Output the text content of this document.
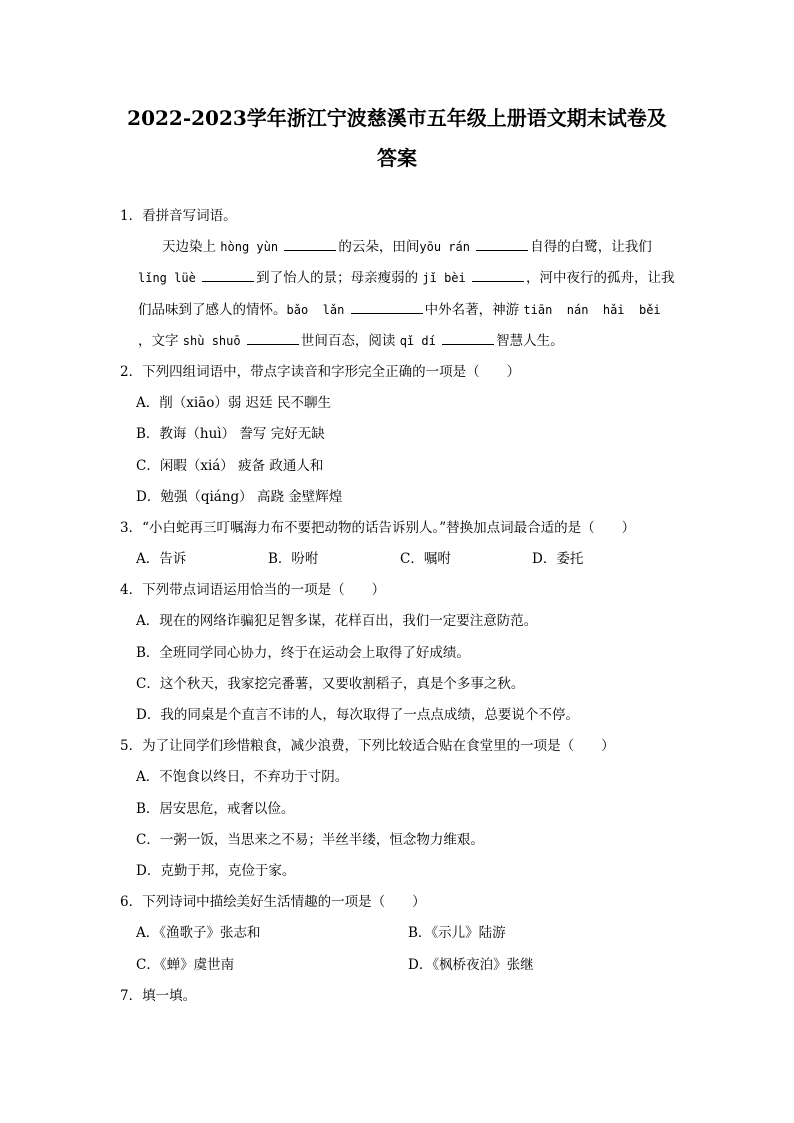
2022-2023学年浙江宁波慈溪市五年级上册语文期末试卷及
答案
1．看拼音写词语。
天边染上 hòng yùn	的云朵，田间yōu rán	自得的白鹭，让我们
lǐng lüè	到了怡人的景；母亲瘦弱的 jǐ bèi	，河中夜行的孤舟，让我
们品味到了感人的情怀。bǎo  lǎn	中外名著，神游 tiān  nán  hǎi  běi
，文字 shù shuō	世间百态，阅读 qǐ dí	智慧人生。
2．下列四组词语中，带点字读音和字形完全正确的一项是（　　）
A．削（xiāo）弱 迟廷 民不聊生
B．教诲（huì） 誊写 完好无缺
C．闲暇（xiá） 疲备 政通人和
D．勉强（qiáng） 高跷 金壁辉煌
3．“小白蛇再三叮嘱海力布不要把动物的话告诉别人。”替换加点词最合适的是（　　）
A．告诉	B．吩咐	C．嘱咐	D．委托
4．下列带点词语运用恰当的一项是（　　）
A．现在的网络诈骗犯足智多谋，花样百出，我们一定要注意防范。
B．全班同学同心协力，终于在运动会上取得了好成绩。
C．这个秋天，我家挖完番薯，又要收割稻子，真是个多事之秋。
D．我的同桌是个直言不讳的人，每次取得了一点点成绩，总要说个不停。
5．为了让同学们珍惜粮食，减少浪费，下列比较适合贴在食堂里的一项是（　　）
A．不饱食以终日，不弃功于寸阴。
B．居安思危，戒奢以俭。
C．一粥一饭，当思来之不易；半丝半缕，恒念物力维艰。
D．克勤于邦，克俭于家。
6．下列诗词中描绘美好生活情趣的一项是（　　）
A．《渔歌子》张志和	B．《示儿》陆游
C．《蝉》虞世南	D．《枫桥夜泊》张继
7．填一填。
